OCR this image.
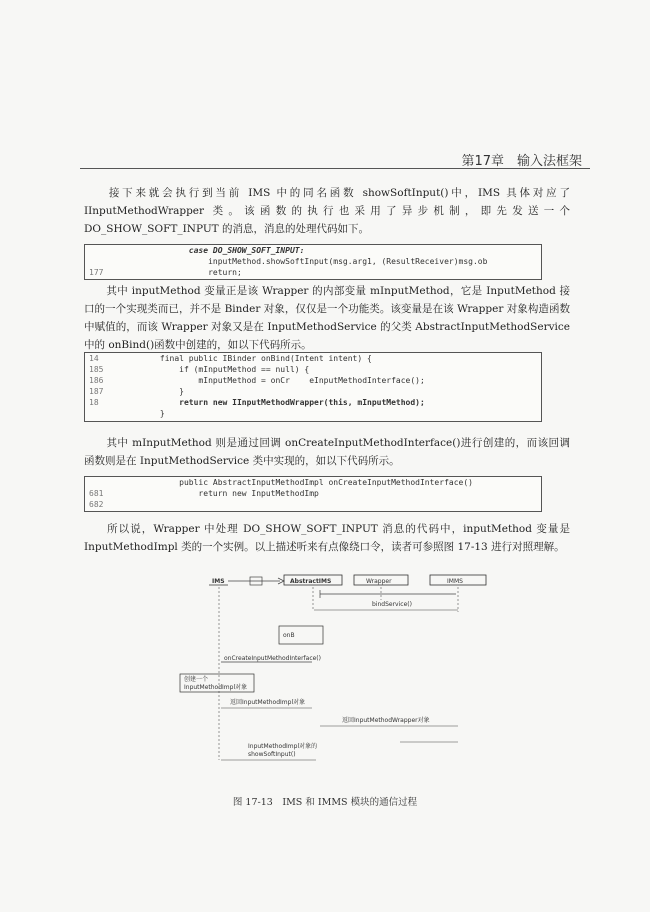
第17章　输入法框架
接下来就会执行到当前 IMS 中的同名函数 showSoftInput()中，IMS 具体对应了 IInputMethodWrapper 类。该函数的执行也采用了异步机制，即先发送一个 DO_SHOW_SOFT_INPUT 的消息，消息的处理代码如下。
case DO_SHOW_SOFT_INPUT:
inputMethod.showSoftInput(msg.arg1, (ResultReceiver)msg.ob
177	return;
其中 inputMethod 变量正是该 Wrapper 的内部变量 mInputMethod，它是 InputMethod 接口的一个实现类而已，并不是 Binder 对象，仅仅是一个功能类。该变量是在该 Wrapper 对象构造函数中赋值的，而该 Wrapper 对象又是在 InputMethodService 的父类 AbstractInputMethodService 中的 onBind()函数中创建的，如以下代码所示。
14	final public IBinder onBind(Intent intent) {
185	if (mInputMethod == null) {
186	mInputMethod = onCr    eInputMethodInterface();
187	}
18	return new IInputMethodWrapper(this, mInputMethod);
}
其中 mInputMethod 则是通过回调 onCreateInputMethodInterface()进行创建的，而该回调函数则是在 InputMethodService 类中实现的，如以下代码所示。
public AbstractInputMethodImpl onCreateInputMethodInterface()
681	return new InputMethodImp
682
所以说，Wrapper 中处理 DO_SHOW_SOFT_INPUT 消息的代码中，inputMethod 变量是 InputMethodImpl 类的一个实例。以上描述听来有点像绕口令，读者可参照图 17-13 进行对照理解。
IMS	AbstractIMS	Wrapper	IMMS
bindService()
onB
onCreateInputMethodInterface()
创建一个
InputMethodImpl对象
返回InputMethodImpl对象
返回InputMethodWrapper对象
InputMethodImpl对象的
showSoftInput()
图 17-13　IMS 和 IMMS 模块的通信过程
